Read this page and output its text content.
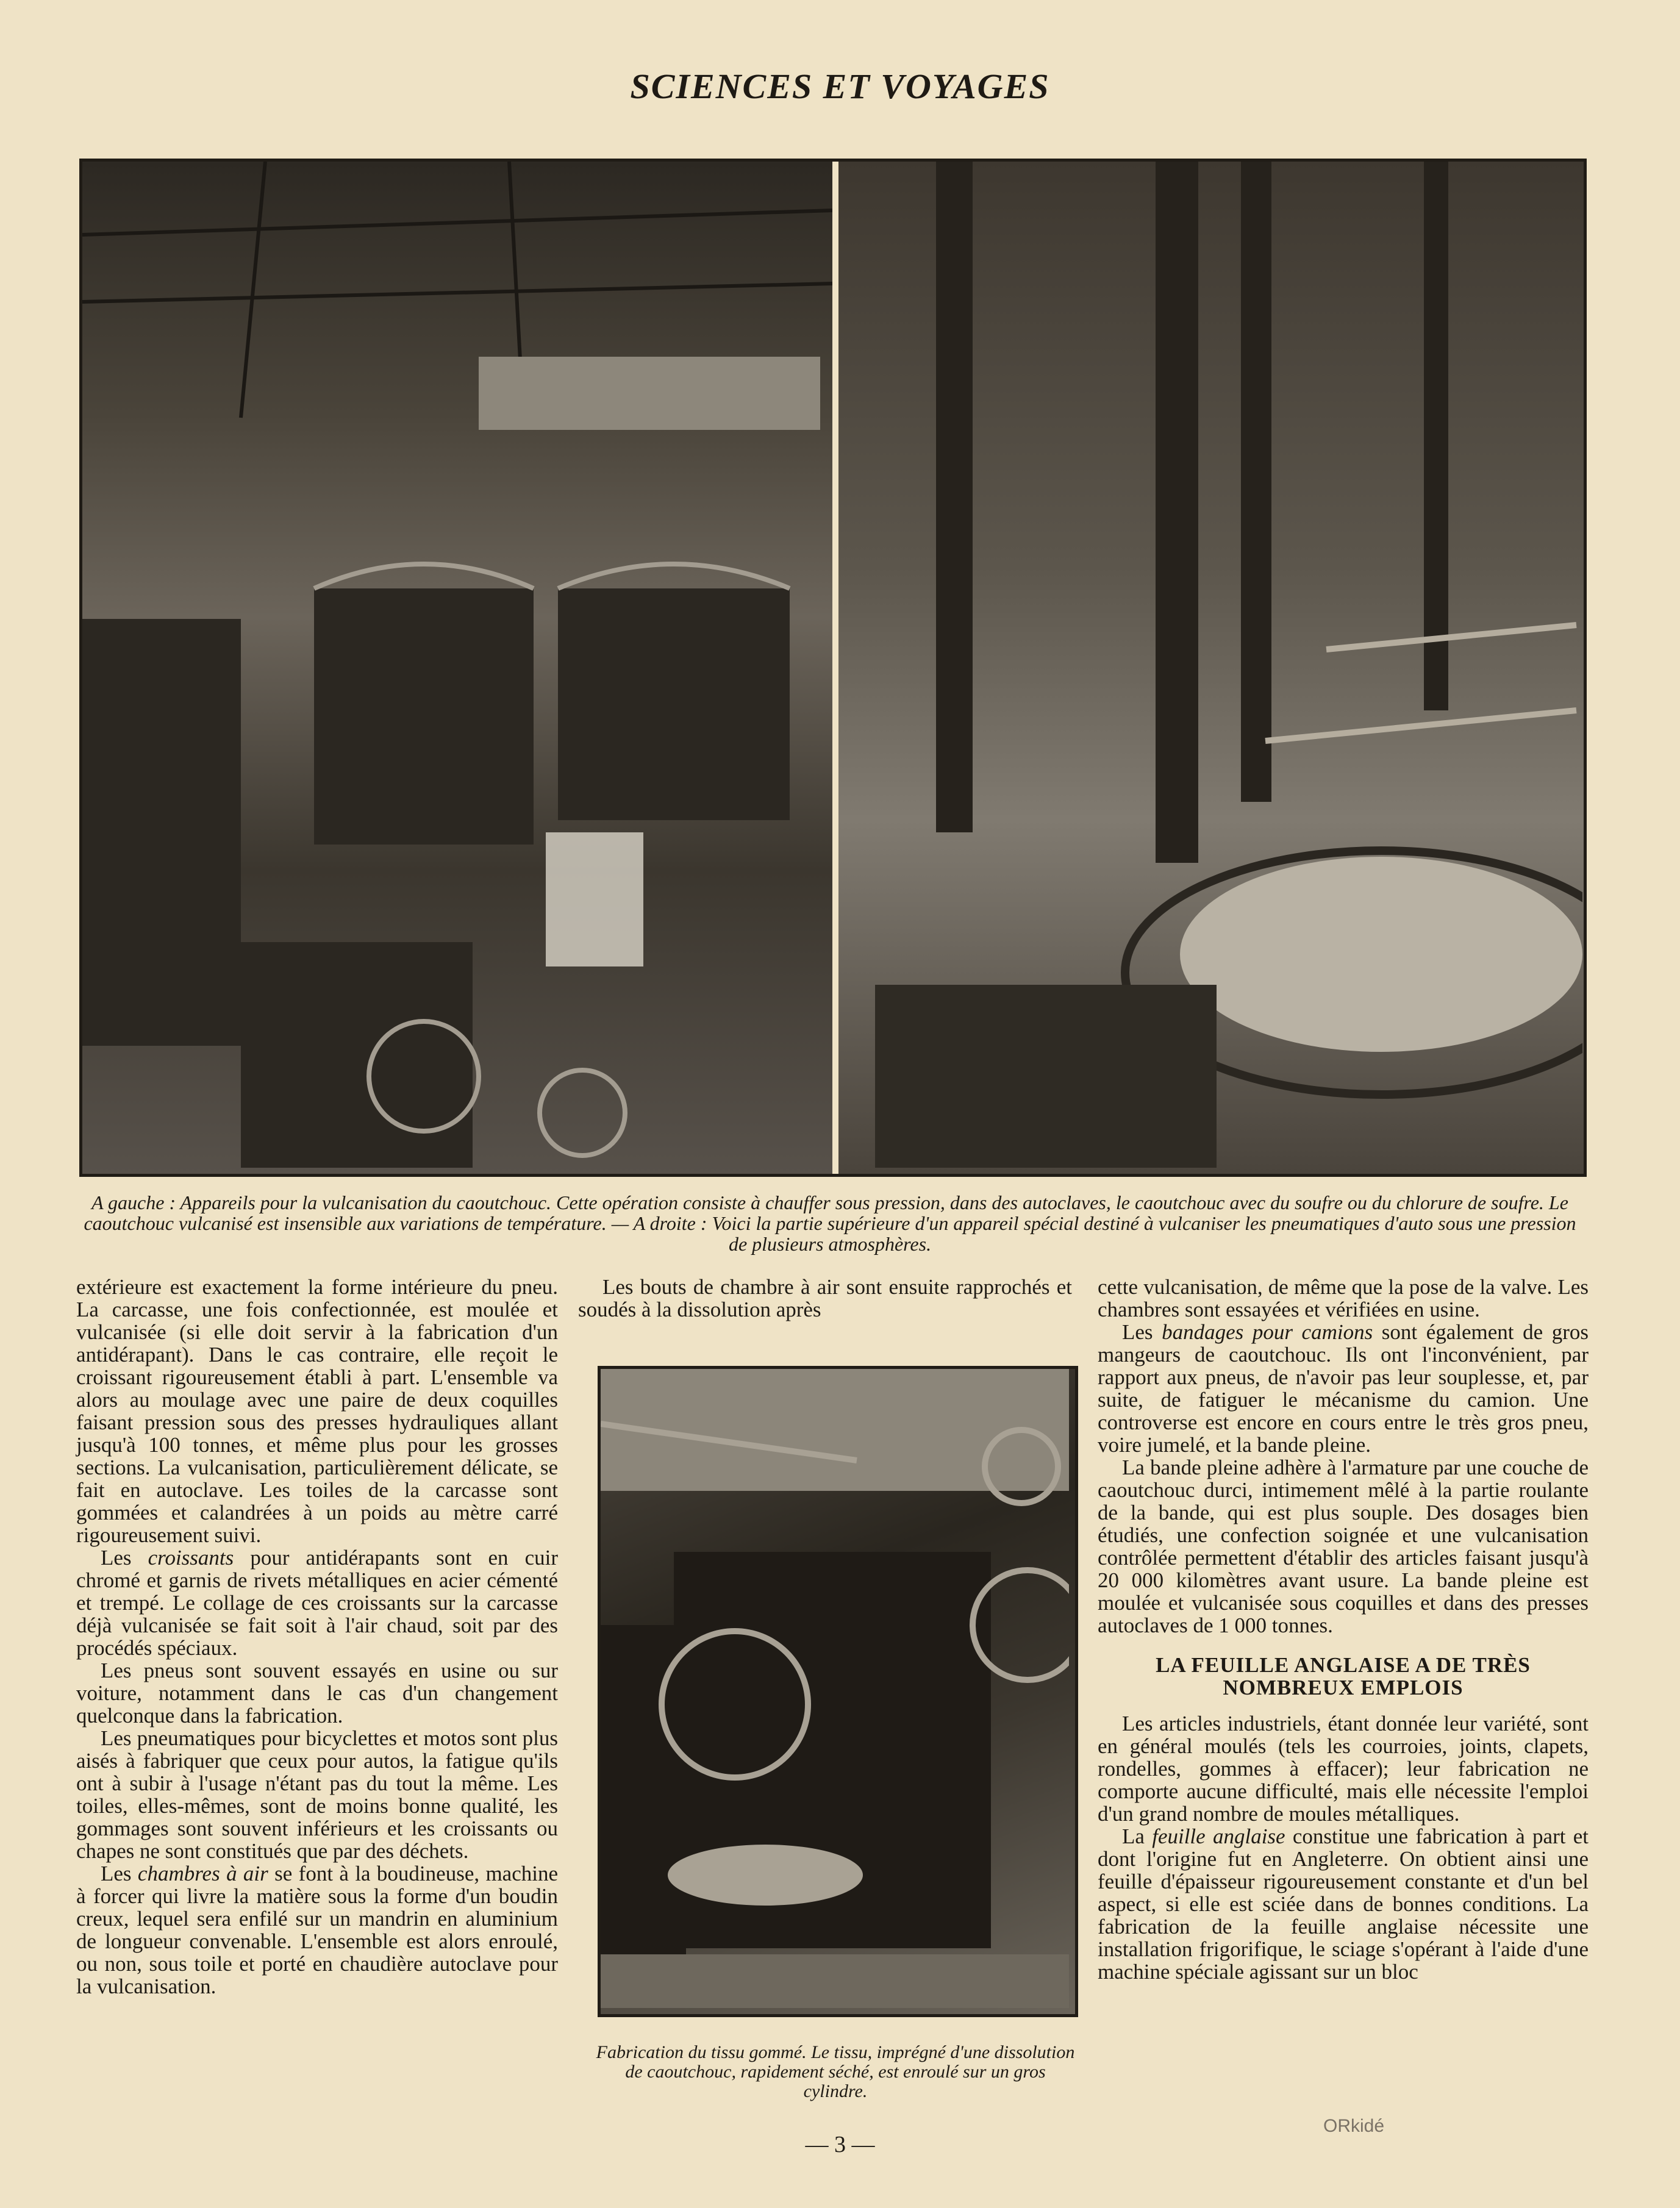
SCIENCES ET VOYAGES
A gauche : Appareils pour la vulcanisation du caoutchouc. Cette opération consiste à chauffer sous pression, dans des autoclaves, le caoutchouc avec du soufre ou du chlorure de soufre. Le caoutchouc vulcanisé est insensible aux variations de température. — A droite : Voici la partie supérieure d'un appareil spécial destiné à vulcaniser les pneumatiques d'auto sous une pression de plusieurs atmosphères.

extérieure est exactement la forme intérieure du pneu. La carcasse, une fois confectionnée, est moulée et vulcanisée (si elle doit servir à la fabrication d'un antidérapant). Dans le cas contraire, elle reçoit le croissant rigoureusement établi à part. L'ensemble va alors au moulage avec une paire de deux coquilles faisant pression sous des presses hydrauliques allant jusqu'à 100 tonnes, et même plus pour les grosses sections. La vulcanisation, particulièrement délicate, se fait en autoclave. Les toiles de la carcasse sont gommées et calandrées à un poids au mètre carré rigoureusement suivi.

Les croissants pour antidérapants sont en cuir chromé et garnis de rivets métalliques en acier cémenté et trempé. Le collage de ces croissants sur la carcasse déjà vulcanisée se fait soit à l'air chaud, soit par des procédés spéciaux.

Les pneus sont souvent essayés en usine ou sur voiture, notamment dans le cas d'un changement quelconque dans la fabrication.

Les pneumatiques pour bicyclettes et motos sont plus aisés à fabriquer que ceux pour autos, la fatigue qu'ils ont à subir à l'usage n'étant pas du tout la même. Les toiles, elles-mêmes, sont de moins bonne qualité, les gommages sont souvent inférieurs et les croissants ou chapes ne sont constitués que par des déchets.

Les chambres à air se font à la boudineuse, machine à forcer qui livre la matière sous la forme d'un boudin creux, lequel sera enfilé sur un mandrin en aluminium de longueur convenable. L'ensemble est alors enroulé, ou non, sous toile et porté en chaudière autoclave pour la vulcanisation.

Les bouts de chambre à air sont ensuite rapprochés et soudés à la dissolution après

Fabrication du tissu gommé. Le tissu, imprégné d'une dissolution de caoutchouc, rapidement séché, est enroulé sur un gros cylindre.

cette vulcanisation, de même que la pose de la valve. Les chambres sont essayées et vérifiées en usine.

Les bandages pour camions sont également de gros mangeurs de caoutchouc. Ils ont l'inconvénient, par rapport aux pneus, de n'avoir pas leur souplesse, et, par suite, de fatiguer le mécanisme du camion. Une controverse est encore en cours entre le très gros pneu, voire jumelé, et la bande pleine.

La bande pleine adhère à l'armature par une couche de caoutchouc durci, intimement mêlé à la partie roulante de la bande, qui est plus souple. Des dosages bien étudiés, une confection soignée et une vulcanisation contrôlée permettent d'établir des articles faisant jusqu'à 20 000 kilomètres avant usure. La bande pleine est moulée et vulcanisée sous coquilles et dans des presses autoclaves de 1 000 tonnes.

LA FEUILLE ANGLAISE A DE TRÈS NOMBREUX EMPLOIS

Les articles industriels, étant donnée leur variété, sont en général moulés (tels les courroies, joints, clapets, rondelles, gommes à effacer); leur fabrication ne comporte aucune difficulté, mais elle nécessite l'emploi d'un grand nombre de moules métalliques.

La feuille anglaise constitue une fabrication à part et dont l'origine fut en Angleterre. On obtient ainsi une feuille d'épaisseur rigoureusement constante et d'un bel aspect, si elle est sciée dans de bonnes conditions. La fabrication de la feuille anglaise nécessite une installation frigorifique, le sciage s'opérant à l'aide d'une machine spéciale agissant sur un bloc

— 3 —
ORkidé
